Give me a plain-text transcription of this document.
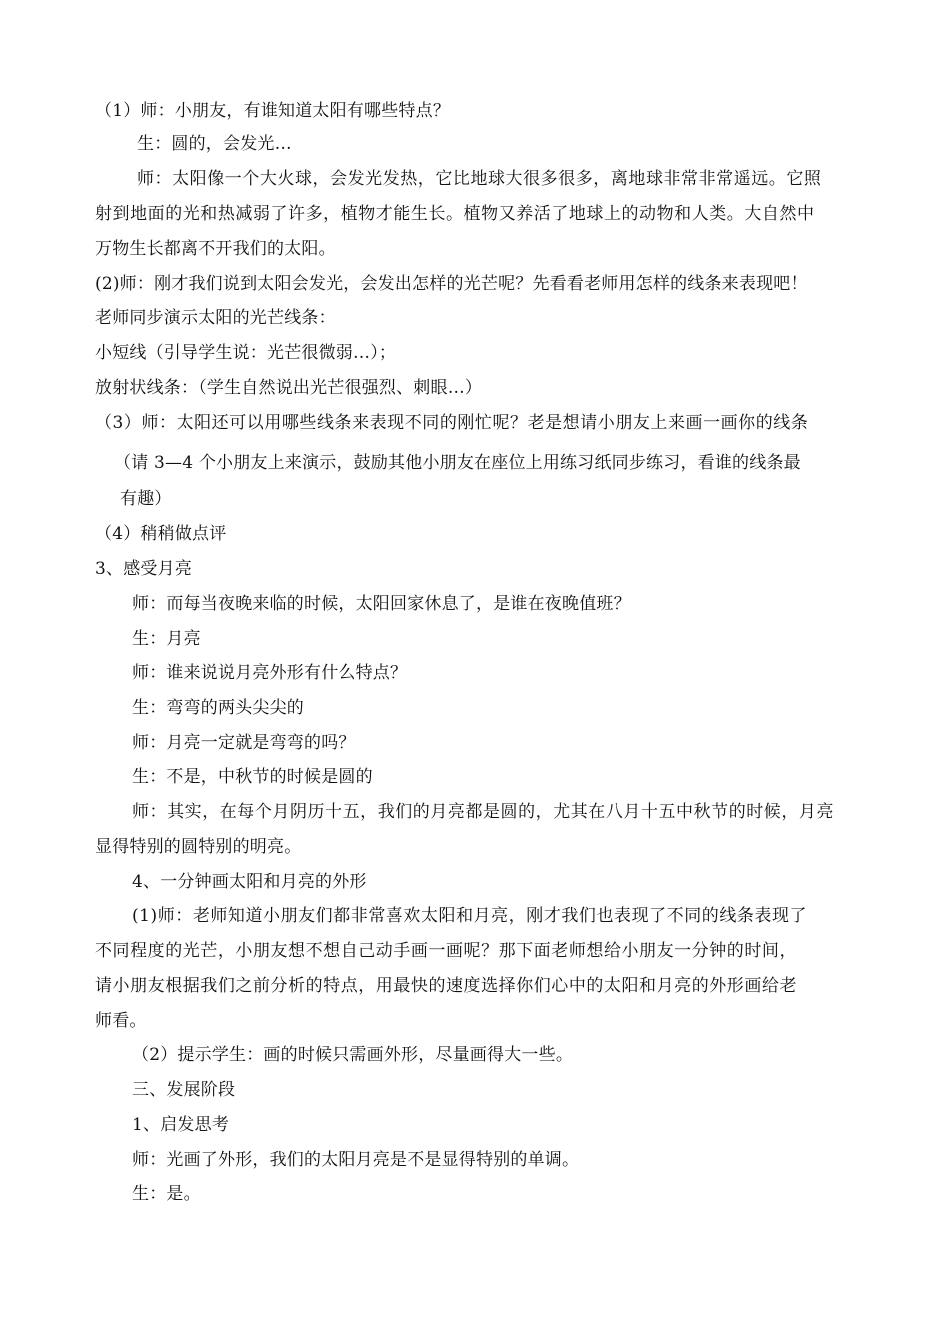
（1）师：小朋友，有谁知道太阳有哪些特点？
生：圆的，会发光…
师：太阳像一个大火球，会发光发热，它比地球大很多很多，离地球非常非常遥远。它照
射到地面的光和热减弱了许多，植物才能生长。植物又养活了地球上的动物和人类。大自然中
万物生长都离不开我们的太阳。
(2)师：刚才我们说到太阳会发光，会发出怎样的光芒呢？先看看老师用怎样的线条来表现吧！
老师同步演示太阳的光芒线条：
小短线（引导学生说：光芒很微弱…）；
放射状线条：（学生自然说出光芒很强烈、刺眼…）
（3）师：太阳还可以用哪些线条来表现不同的刚忙呢？老是想请小朋友上来画一画你的线条
（请 3—4 个小朋友上来演示，鼓励其他小朋友在座位上用练习纸同步练习，看谁的线条最
有趣）
（4）稍稍做点评
3、感受月亮
师：而每当夜晚来临的时候，太阳回家休息了，是谁在夜晚值班？
生：月亮
师：谁来说说月亮外形有什么特点？
生：弯弯的两头尖尖的
师：月亮一定就是弯弯的吗？
生：不是，中秋节的时候是圆的
师：其实，在每个月阴历十五，我们的月亮都是圆的，尤其在八月十五中秋节的时候，月亮
显得特别的圆特别的明亮。
4、一分钟画太阳和月亮的外形
(1)师：老师知道小朋友们都非常喜欢太阳和月亮，刚才我们也表现了不同的线条表现了
不同程度的光芒，小朋友想不想自己动手画一画呢？那下面老师想给小朋友一分钟的时间，
请小朋友根据我们之前分析的特点，用最快的速度选择你们心中的太阳和月亮的外形画给老
师看。
（2）提示学生：画的时候只需画外形，尽量画得大一些。
三、发展阶段
1、启发思考
师：光画了外形，我们的太阳月亮是不是显得特别的单调。
生：是。
